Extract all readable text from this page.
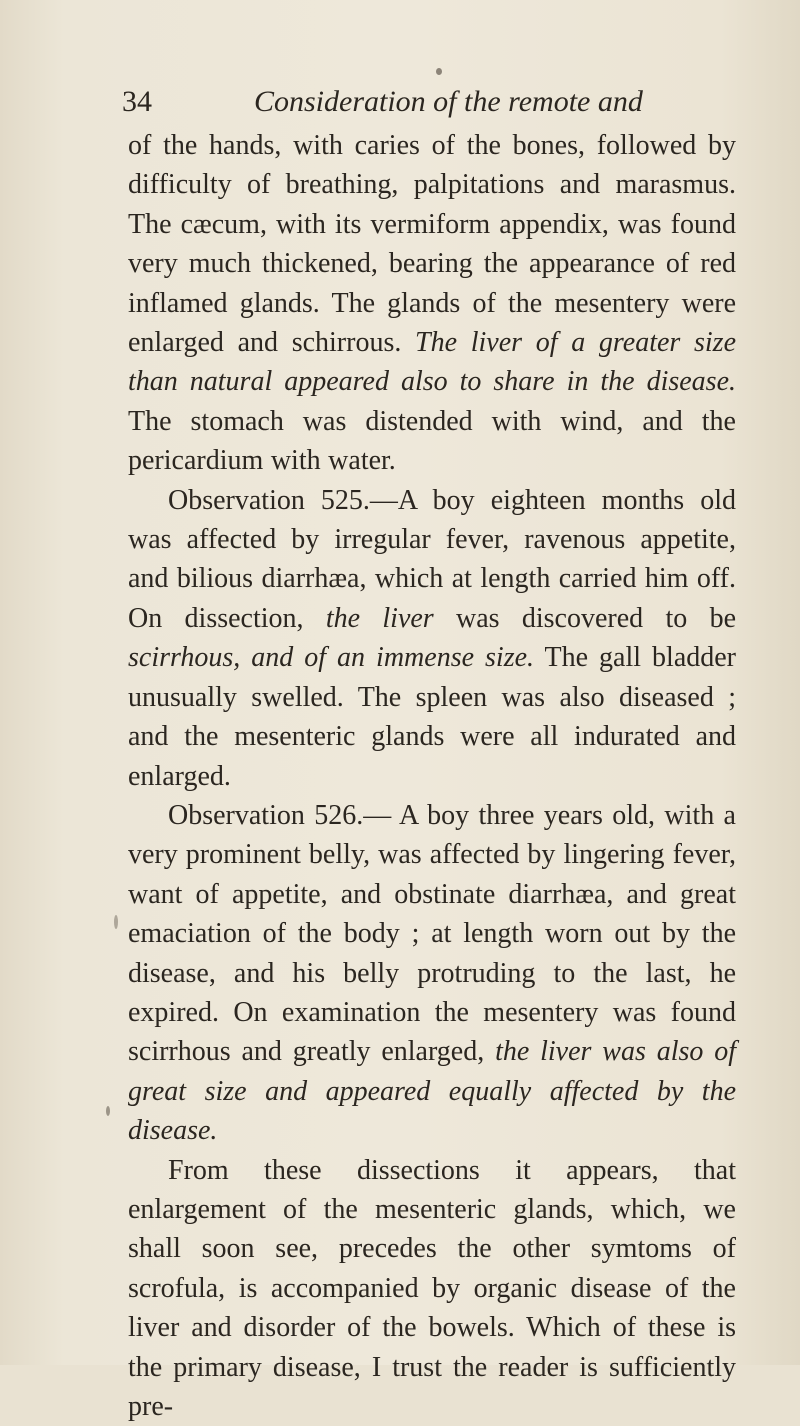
34	Consideration of the remote and

of the hands, with caries of the bones, followed by difficulty of breathing, palpitations and marasmus. The cæcum, with its vermiform appendix, was found very much thickened, bearing the appearance of red inflamed glands. The glands of the mesentery were enlarged and schirrous. The liver of a greater size than natural appeared also to share in the disease. The stomach was distended with wind, and the pericardium with water.

Observation 525.—A boy eighteen months old was affected by irregular fever, ravenous appetite, and bilious diarrhæa, which at length carried him off. On dissection, the liver was discovered to be scirrhous, and of an immense size. The gall bladder unusually swelled. The spleen was also diseased ; and the mesenteric glands were all indurated and enlarged.

Observation 526.— A boy three years old, with a very prominent belly, was affected by lingering fever, want of appetite, and obstinate diarrhæa, and great emaciation of the body ; at length worn out by the disease, and his belly protruding to the last, he expired. On examination the mesentery was found scirrhous and greatly enlarged, the liver was also of great size and appeared equally affected by the disease.

From these dissections it appears, that enlargement of the mesenteric glands, which, we shall soon see, precedes the other symtoms of scrofula, is accompanied by organic disease of the liver and disorder of the bowels. Which of these is the primary disease, I trust the reader is sufficiently pre-
